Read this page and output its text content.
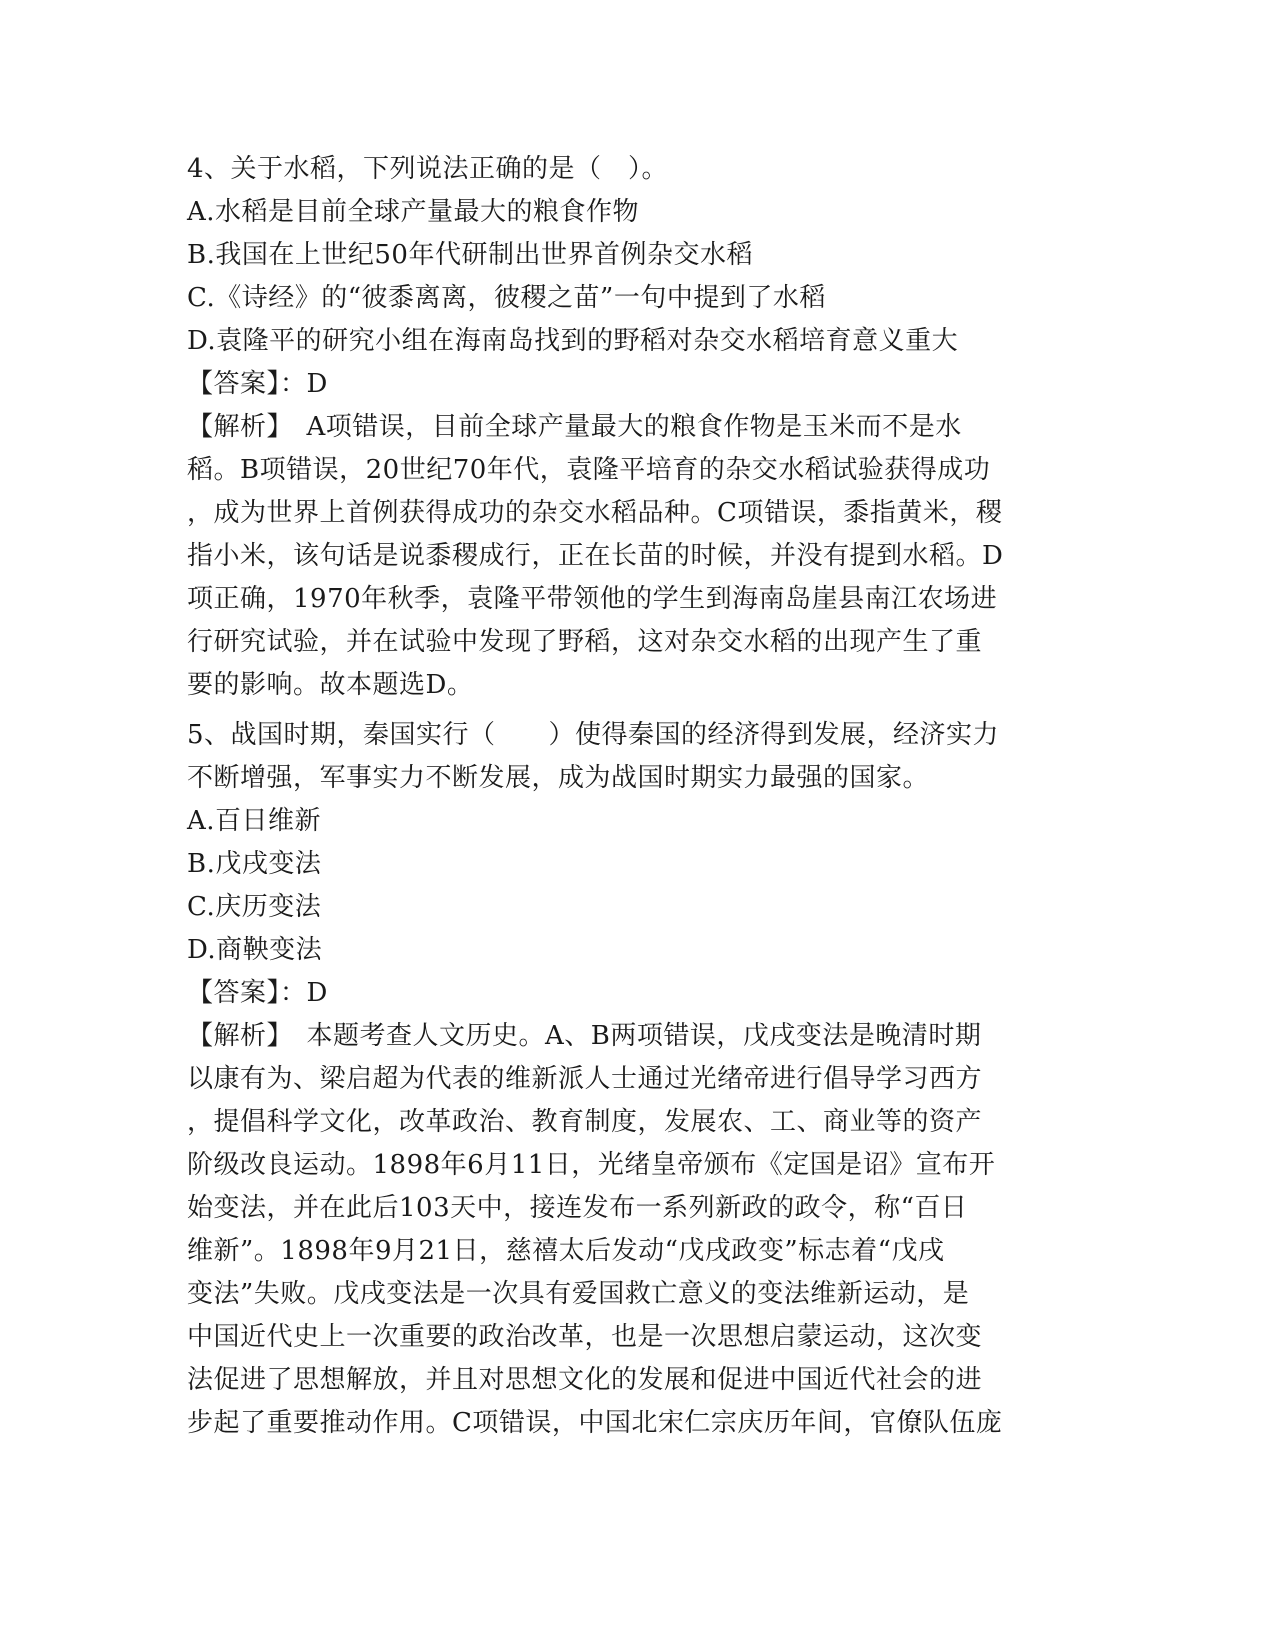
4、关于水稻，下列说法正确的是（　）。
A.水稻是目前全球产量最大的粮食作物
B.我国在上世纪50年代研制出世界首例杂交水稻
C.《诗经》的“彼黍离离，彼稷之苗”一句中提到了水稻
D.袁隆平的研究小组在海南岛找到的野稻对杂交水稻培育意义重大
【答案】：D
【解析】　A项错误，目前全球产量最大的粮食作物是玉米而不是水
稻。B项错误，20世纪70年代，袁隆平培育的杂交水稻试验获得成功
，成为世界上首例获得成功的杂交水稻品种。C项错误，黍指黄米，稷
指小米，该句话是说黍稷成行，正在长苗的时候，并没有提到水稻。D
项正确，1970年秋季，袁隆平带领他的学生到海南岛崖县南江农场进
行研究试验，并在试验中发现了野稻，这对杂交水稻的出现产生了重
要的影响。故本题选D。
5、战国时期，秦国实行（　　）使得秦国的经济得到发展，经济实力
不断增强，军事实力不断发展，成为战国时期实力最强的国家。
A.百日维新
B.戊戌变法
C.庆历变法
D.商鞅变法
【答案】：D
【解析】　本题考查人文历史。A、B两项错误，戊戌变法是晚清时期
以康有为、梁启超为代表的维新派人士通过光绪帝进行倡导学习西方
，提倡科学文化，改革政治、教育制度，发展农、工、商业等的资产
阶级改良运动。1898年6月11日，光绪皇帝颁布《定国是诏》宣布开
始变法，并在此后103天中，接连发布一系列新政的政令，称“百日
维新”。1898年9月21日，慈禧太后发动“戊戌政变”标志着“戊戌
变法”失败。戊戌变法是一次具有爱国救亡意义的变法维新运动，是
中国近代史上一次重要的政治改革，也是一次思想启蒙运动，这次变
法促进了思想解放，并且对思想文化的发展和促进中国近代社会的进
步起了重要推动作用。C项错误，中国北宋仁宗庆历年间，官僚队伍庞
